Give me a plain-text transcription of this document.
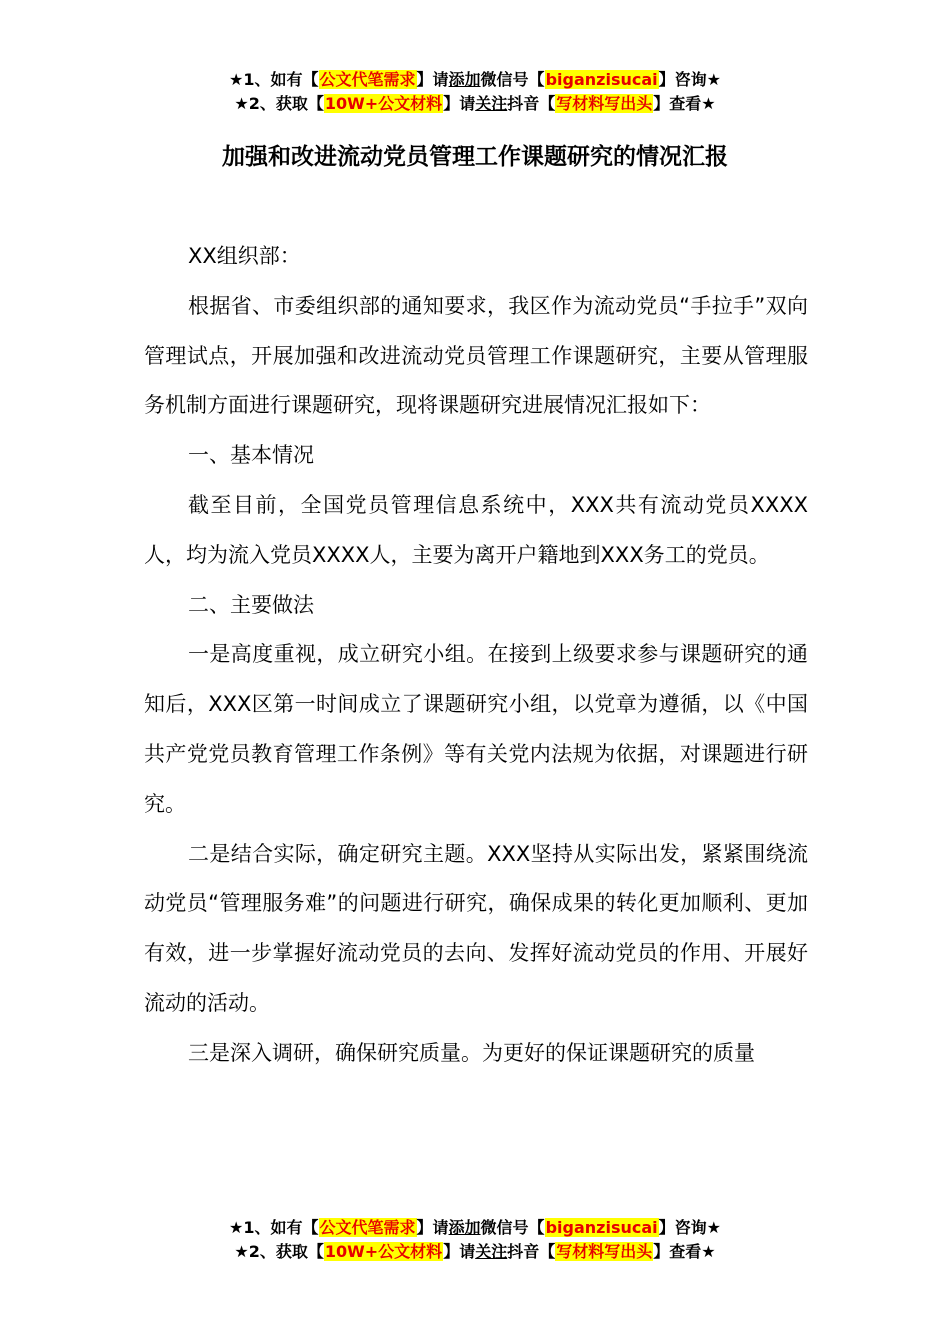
★1、如有【公文代笔需求】请添加微信号【biganzisucai】咨询★
★2、获取【10W+公文材料】请关注抖音【写材料写出头】查看★
加强和改进流动党员管理工作课题研究的情况汇报

XX组织部：

根据省、市委组织部的通知要求，我区作为流动党员“手拉手”双向管理试点，开展加强和改进流动党员管理工作课题研究，主要从管理服务机制方面进行课题研究，现将课题研究进展情况汇报如下：

一、基本情况

截至目前，全国党员管理信息系统中，XXX共有流动党员XXXX人，均为流入党员XXXX人，主要为离开户籍地到XXX务工的党员。

二、主要做法

一是高度重视，成立研究小组。在接到上级要求参与课题研究的通知后，XXX区第一时间成立了课题研究小组，以党章为遵循，以《中国共产党党员教育管理工作条例》等有关党内法规为依据，对课题进行研究。

二是结合实际，确定研究主题。XXX坚持从实际出发，紧紧围绕流动党员“管理服务难”的问题进行研究，确保成果的转化更加顺利、更加有效，进一步掌握好流动党员的去向、发挥好流动党员的作用、开展好流动的活动。

三是深入调研，确保研究质量。为更好的保证课题研究的质量

★1、如有【公文代笔需求】请添加微信号【biganzisucai】咨询★
★2、获取【10W+公文材料】请关注抖音【写材料写出头】查看★
